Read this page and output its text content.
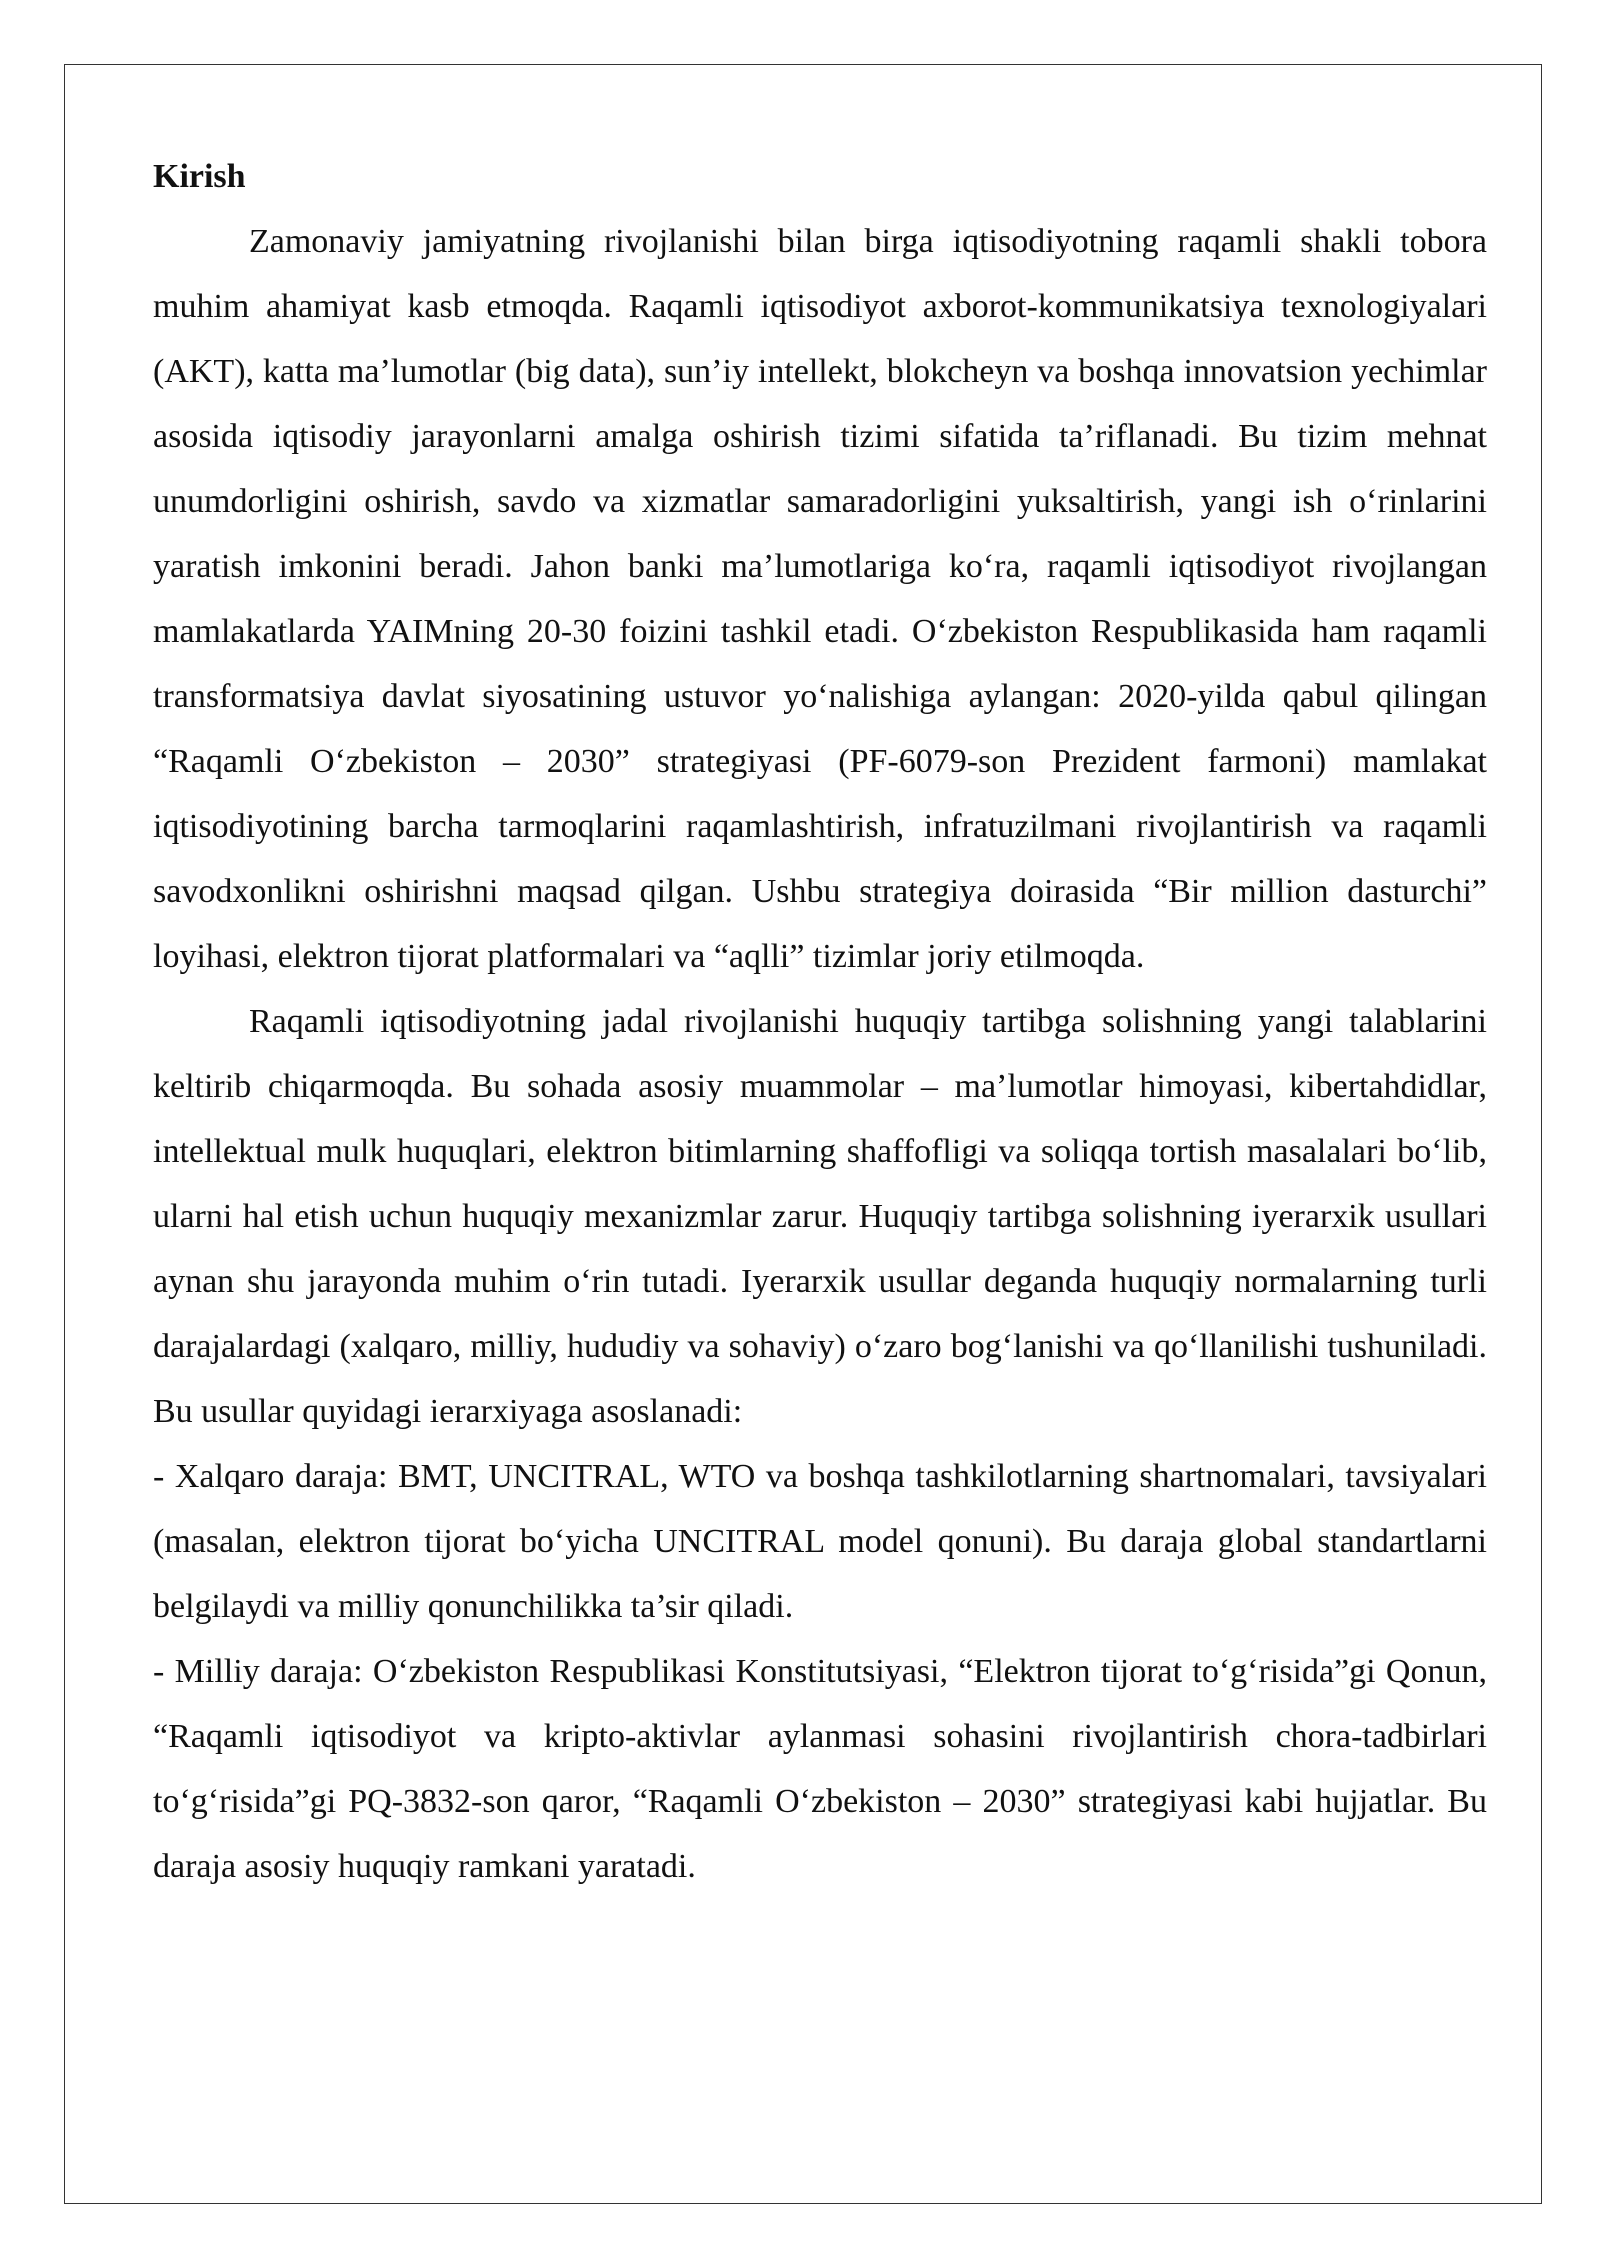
Kirish

Zamonaviy jamiyatning rivojlanishi bilan birga iqtisodiyotning raqamli shakli tobora muhim ahamiyat kasb etmoqda. Raqamli iqtisodiyot axborot-kommunikatsiya texnologiyalari (AKT), katta ma’lumotlar (big data), sun’iy intellekt, blokcheyn va boshqa innovatsion yechimlar asosida iqtisodiy jarayonlarni amalga oshirish tizimi sifatida ta’riflanadi. Bu tizim mehnat unumdorligini oshirish, savdo va xizmatlar samaradorligini yuksaltirish, yangi ish o‘rinlarini yaratish imkonini beradi. Jahon banki ma’lumotlariga ko‘ra, raqamli iqtisodiyot rivojlangan mamlakatlarda YAIMning 20-30 foizini tashkil etadi. O‘zbekiston Respublikasida ham raqamli transformatsiya davlat siyosatining ustuvor yo‘nalishiga aylangan: 2020-yilda qabul qilingan “Raqamli O‘zbekiston – 2030” strategiyasi (PF-6079-son Prezident farmoni) mamlakat iqtisodiyotining barcha tarmoqlarini raqamlashtirish, infratuzilmani rivojlantirish va raqamli savodxonlikni oshirishni maqsad qilgan. Ushbu strategiya doirasida “Bir million dasturchi” loyihasi, elektron tijorat platformalari va “aqlli” tizimlar joriy etilmoqda.

Raqamli iqtisodiyotning jadal rivojlanishi huquqiy tartibga solishning yangi talablarini keltirib chiqarmoqda. Bu sohada asosiy muammolar – ma’lumotlar himoyasi, kibertahdidlar, intellektual mulk huquqlari, elektron bitimlarning shaffofligi va soliqqa tortish masalalari bo‘lib, ularni hal etish uchun huquqiy mexanizmlar zarur. Huquqiy tartibga solishning iyerarxik usullari aynan shu jarayonda muhim o‘rin tutadi. Iyerarxik usullar deganda huquqiy normalarning turli darajalardagi (xalqaro, milliy, hududiy va sohaviy) o‘zaro bog‘lanishi va qo‘llanilishi tushuniladi. Bu usullar quyidagi ierarxiyaga asoslanadi:

- Xalqaro daraja: BMT, UNCITRAL, WTO va boshqa tashkilotlarning shartnomalari, tavsiyalari (masalan, elektron tijorat bo‘yicha UNCITRAL model qonuni). Bu daraja global standartlarni belgilaydi va milliy qonunchilikka ta’sir qiladi.

- Milliy daraja: O‘zbekiston Respublikasi Konstitutsiyasi, “Elektron tijorat to‘g‘risida”gi Qonun, “Raqamli iqtisodiyot va kripto-aktivlar aylanmasi sohasini rivojlantirish chora-tadbirlari to‘g‘risida”gi PQ-3832-son qaror, “Raqamli O‘zbekiston – 2030” strategiyasi kabi hujjatlar. Bu daraja asosiy huquqiy ramkani yaratadi.
